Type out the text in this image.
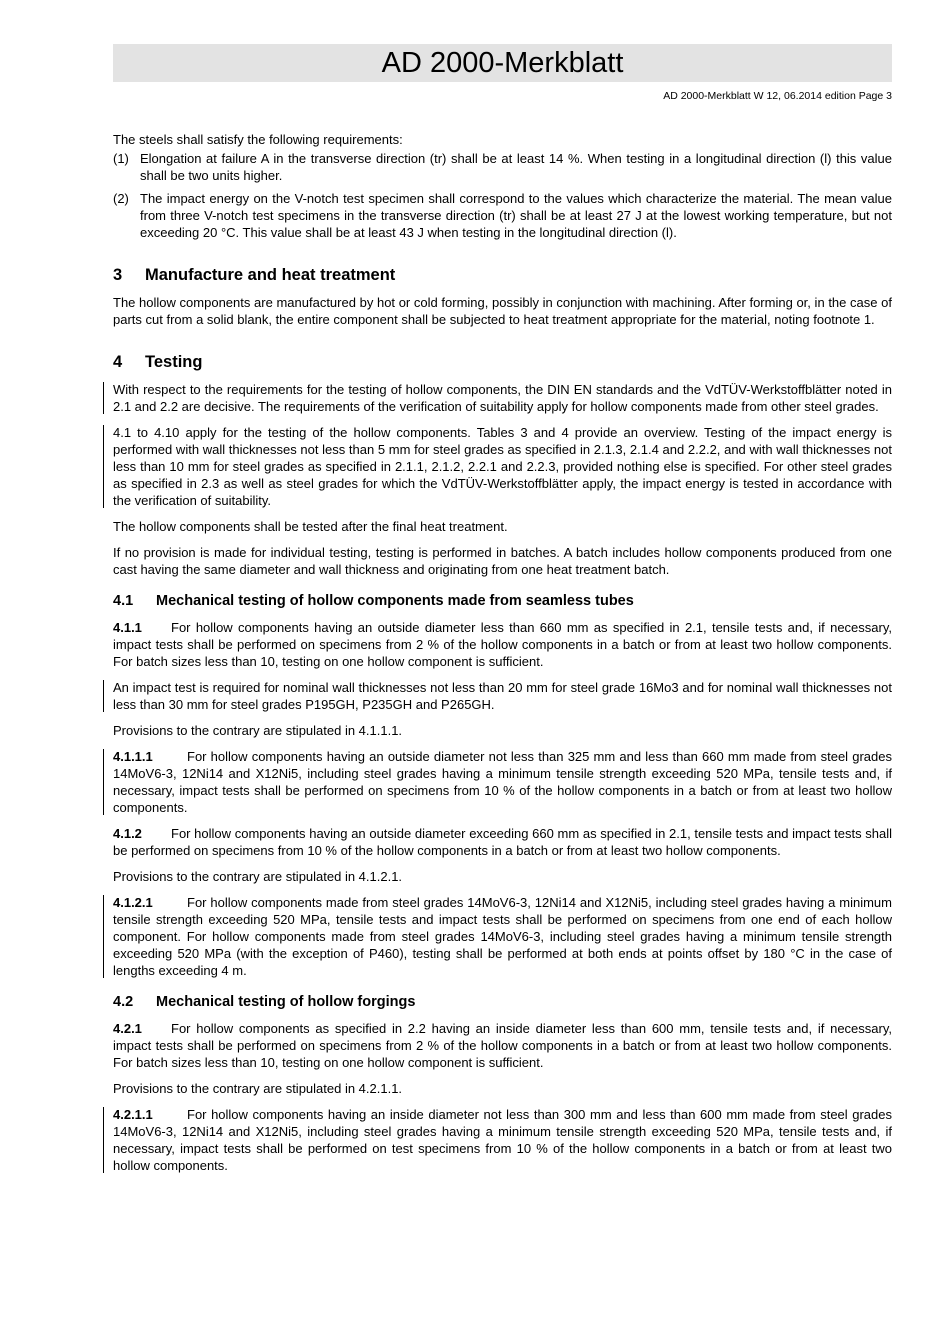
AD 2000-Merkblatt
AD 2000-Merkblatt W 12, 06.2014 edition Page 3

The steels shall satisfy the following requirements:

(1) Elongation at failure A in the transverse direction (tr) shall be at least 14 %. When testing in a longitudinal direction (l) this value shall be two units higher.
(2) The impact energy on the V-notch test specimen shall correspond to the values which characterize the material. The mean value from three V-notch test specimens in the transverse direction (tr) shall be at least 27 J at the lowest working temperature, but not exceeding 20 °C. This value shall be at least 43 J when testing in the longitudinal direction (l).
3 Manufacture and heat treatment

The hollow components are manufactured by hot or cold forming, possibly in conjunction with machining. After forming or, in the case of parts cut from a solid blank, the entire component shall be subjected to heat treatment appropriate for the material, noting footnote 1.

4 Testing

With respect to the requirements for the testing of hollow components, the DIN EN standards and the VdTÜV-Werkstoffblätter noted in 2.1 and 2.2 are decisive. The requirements of the verification of suitability apply for hollow components made from other steel grades.

4.1 to 4.10 apply for the testing of the hollow components. Tables 3 and 4 provide an overview. Testing of the impact energy is performed with wall thicknesses not less than 5 mm for steel grades as specified in 2.1.3, 2.1.4 and 2.2.2, and with wall thicknesses not less than 10 mm for steel grades as specified in 2.1.1, 2.1.2, 2.2.1 and 2.2.3, provided nothing else is specified. For other steel grades as specified in 2.3 as well as steel grades for which the VdTÜV-Werkstoffblätter apply, the impact energy is tested in accordance with the verification of suitability.

The hollow components shall be tested after the final heat treatment.

If no provision is made for individual testing, testing is performed in batches. A batch includes hollow components produced from one cast having the same diameter and wall thickness and originating from one heat treatment batch.

4.1 Mechanical testing of hollow components made from seamless tubes

4.1.1 For hollow components having an outside diameter less than 660 mm as specified in 2.1, tensile tests and, if necessary, impact tests shall be performed on specimens from 2 % of the hollow components in a batch or from at least two hollow components. For batch sizes less than 10, testing on one hollow component is sufficient.

An impact test is required for nominal wall thicknesses not less than 20 mm for steel grade 16Mo3 and for nominal wall thicknesses not less than 30 mm for steel grades P195GH, P235GH and P265GH.

Provisions to the contrary are stipulated in 4.1.1.1.

4.1.1.1	For hollow components having an outside diameter not less than 325 mm and less than 660 mm made from steel grades 14MoV6-3, 12Ni14 and X12Ni5, including steel grades having a minimum tensile strength exceeding 520 MPa, tensile tests and, if necessary, impact tests shall be performed on specimens from 10 % of the hollow components in a batch or from at least two hollow components.

4.1.2 For hollow components having an outside diameter exceeding 660 mm as specified in 2.1, tensile tests and impact tests shall be performed on specimens from 10 % of the hollow components in a batch or from at least two hollow components.

Provisions to the contrary are stipulated in 4.1.2.1.

4.1.2.1	For hollow components made from steel grades 14MoV6-3, 12Ni14 and X12Ni5, including steel grades having a minimum tensile strength exceeding 520 MPa, tensile tests and impact tests shall be performed on specimens from one end of each hollow component. For hollow components made from steel grades 14MoV6-3, including steel grades having a minimum tensile strength exceeding 520 MPa (with the exception of P460), testing shall be performed at both ends at points offset by 180 °C in the case of lengths exceeding 4 m.

4.2 Mechanical testing of hollow forgings

4.2.1 For hollow components as specified in 2.2 having an inside diameter less than 600 mm, tensile tests and, if necessary, impact tests shall be performed on specimens from 2 % of the hollow components in a batch or from at least two hollow components. For batch sizes less than 10, testing on one hollow component is sufficient.

Provisions to the contrary are stipulated in 4.2.1.1.

4.2.1.1	For hollow components having an inside diameter not less than 300 mm and less than 600 mm made from steel grades 14MoV6-3, 12Ni14 and X12Ni5, including steel grades having a minimum tensile strength exceeding 520 MPa, tensile tests and, if necessary, impact tests shall be performed on test specimens from 10 % of the hollow components in a batch or from at least two hollow components.
